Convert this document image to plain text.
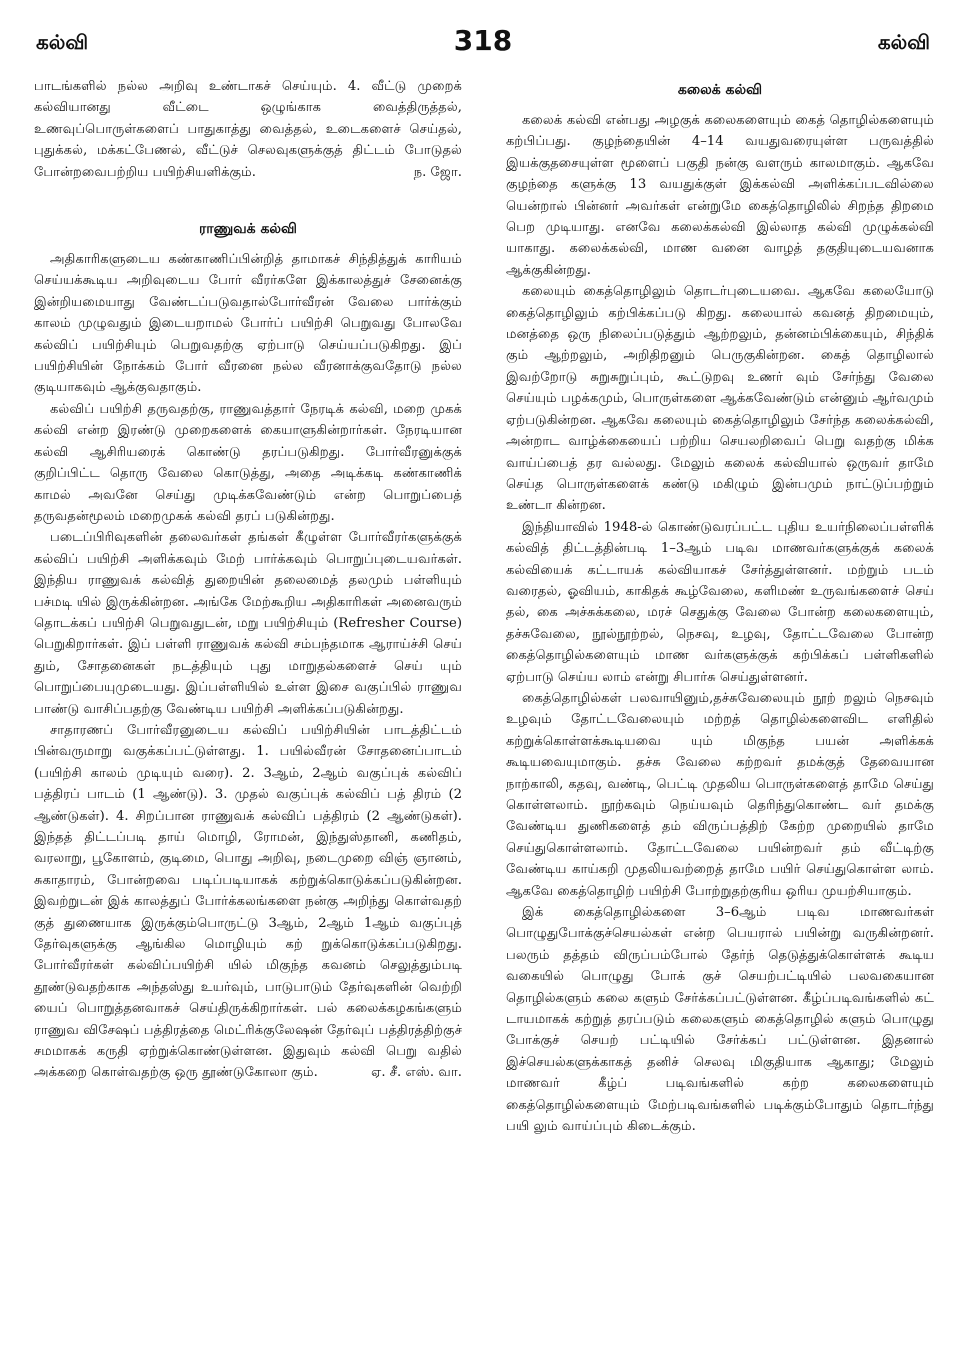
கல்வி	318	கல்வி

பாடங்களில் நல்ல அறிவு உண்டாகச் செய்யும். 4. வீட்டு முறைக் கல்வியானது வீட்டை ஒழுங்காக வைத்திருத்தல், உணவுப்பொருள்களைப் பாதுகாத்து வைத்தல், உடைகளைச் செய்தல், புதுக்கல், மக்கட்பேணல், வீட்டுச் செலவுகளுக்குத் திட்டம் போடுதல் போன்றவைபற்றிய பயிற்சியளிக்கும்.	ந. ஜோ.

ராணுவக் கல்வி

அதிகாரிகளுடைய கண்காணிப்பின்றித் தாமாகச் சிந்தித்துக் காரியம் செய்யக்கூடிய அறிவுடைய போர் வீரர்களே இக்காலத்துச் சேனைக்கு இன்றியமையாது வேண்டப்படுவதால்போர்வீரன் வேலை பார்க்கும் காலம் முழுவதும் இடையறாமல் போர்ப் பயிற்சி பெறுவது போலவே கல்விப் பயிற்சியும் பெறுவதற்கு ஏற்பாடு செய்யப்படுகிறது. இப் பயிற்சியின் நோக்கம் போர் வீரனை நல்ல வீரனாக்குவதோடு நல்ல குடியாகவும் ஆக்குவதாகும்.

கல்விப் பயிற்சி தருவதற்கு, ராணுவத்தார் நேரடிக் கல்வி, மறை முகக் கல்வி என்ற இரண்டு முறைகளைக் கையாளுகின்றார்கள். நேரடியான கல்வி ஆசிரியரைக் கொண்டு தரப்படுகிறது. போர்வீரனுக்குக் குறிப்பிட்ட தொரு வேலை கொடுத்து, அதை அடிக்கடி கண்காணிக் காமல் அவனே செய்து முடிக்கவேண்டும் என்ற பொறுப்பைத் தருவதன்மூலம் மறைமுகக் கல்வி தரப் படுகின்றது.

படைப்பிரிவுகளின் தலைவர்கள் தங்கள் கீழுள்ள போர்வீரர்களுக்குக் கல்விப் பயிற்சி அளிக்கவும் மேற் பார்க்கவும் பொறுப்புடையவர்கள். இந்திய ராணுவக் கல்வித் துறையின் தலைமைத் தலமும் பள்ளியும் பச்மடி யில் இருக்கின்றன. அங்கே மேற்கூறிய அதிகாரிகள் அனைவரும் தொடக்கப் பயிற்சி பெறுவதுடன், மறு பயிற்சியும் (Refresher Course) பெறுகிறார்கள். இப் பள்ளி ராணுவக் கல்வி சம்பந்தமாக ஆராய்ச்சி செய் தும், சோதனைகள் நடத்தியும் புது மாறுதல்களைச் செய் யும் பொறுப்பையுமுடையது. இப்பள்ளியில் உள்ள இசை வகுப்பில் ராணுவ பாண்டு வாசிப்பதற்கு வேண்டிய பயிற்சி அளிக்கப்படுகின்றது.

சாதாரணப் போர்வீரனுடைய கல்விப் பயிற்சியின் பாடத்திட்டம் பின்வருமாறு வகுக்கப்பட்டுள்ளது. 1. பயில்வீரன் சோதனைப்பாடம் (பயிற்சி காலம் முடியும் வரை). 2. 3ஆம், 2ஆம் வகுப்புக் கல்விப் பத்திரப் பாடம் (1 ஆண்டு). 3. முதல் வகுப்புக் கல்விப் பத் திரம் (2 ஆண்டுகள்). 4. சிறப்பான ராணுவக் கல்விப் பத்திரம் (2 ஆண்டுகள்). இந்தத் திட்டப்படி தாய் மொழி, ரோமன், இந்துஸ்தானி, கணிதம், வரலாறு, பூகோளம், குடிமை, பொது அறிவு, நடைமுறை விஞ் ஞானம், சுகாதாரம், போன்றவை படிப்படியாகக் கற்றுக்கொடுக்கப்படுகின்றன. இவற்றுடன் இக் காலத்துப் போர்க்கலங்களை நன்கு அறிந்து கொள்வதற் குத் துணையாக இருக்கும்பொருட்டு 3ஆம், 2ஆம் 1ஆம் வகுப்புத் தேர்வுகளுக்கு ஆங்கில மொழியும் கற் றுக்கொடுக்கப்படுகிறது. போர்வீரர்கள் கல்விப்பயிற்சி யில் மிகுந்த கவனம் செலுத்தும்படி தூண்டுவதற்காக அந்தஸ்து உயர்வும், பாடுபாடும் தேர்வுகளின் வெற்றி யைப் பொறுத்தனவாகச் செய்திருக்கிறார்கள். பல் கலைக்கழகங்களும் ராணுவ விசேஷப் பத்திரத்தை மெட்ரிக்குலேஷன் தேர்வுப் பத்திரத்திற்குச் சமமாகக் கருதி ஏற்றுக்கொண்டுள்ளன. இதுவும் கல்வி பெறு வதில் அக்கறை கொள்வதற்கு ஒரு தூண்டுகோலா கும்.	ஏ. சீ. எஸ். வா.

கலைக் கல்வி

கலைக் கல்வி என்பது அழகுக் கலைகளையும் கைத் தொழில்களையும் கற்பிப்பது. குழந்தையின் 4–14 வயதுவரையுள்ள பருவத்தில் இயக்குதசையுள்ள மூளைப் பகுதி நன்கு வளரும் காலமாகும். ஆகவே குழந்தை களுக்கு 13 வயதுக்குள் இக்கல்வி அளிக்கப்படவில்லை யென்றால் பின்னர் அவர்கள் என்றுமே கைத்தொழிலில் சிறந்த திறமை பெற முடியாது. எனவே கலைக்கல்வி இல்லாத கல்வி முழுக்கல்வி யாகாது. கலைக்கல்வி, மாண வனை வாழத் தகுதியுடையவனாக ஆக்குகின்றது.

கலையும் கைத்தொழிலும் தொடர்புடையவை. ஆகவே கலையோடு கைத்தொழிலும் கற்பிக்கப்படு கிறது. கலையால் கவனத் திறமையும், மனத்தை ஒரு நிலைப்படுத்தும் ஆற்றலும், தன்னம்பிக்கையும், சிந்திக் கும் ஆற்றலும், அறிதிறனும் பெருகுகின்றன. கைத் தொழிலால் இவற்றோடு சுறுசுறுப்பும், கூட்டுறவு உணர் வும் சேர்ந்து வேலை செய்யும் பழக்கமும், பொருள்களை ஆக்கவேண்டும் என்னும் ஆர்வமும் ஏற்படுகின்றன. ஆகவே கலையும் கைத்தொழிலும் சேர்ந்த கலைக்கல்வி, அன்றாட வாழ்க்கையைப் பற்றிய செயலறிவைப் பெறு வதற்கு மிக்க வாய்ப்பைத் தர வல்லது. மேலும் கலைக் கல்வியால் ஒருவர் தாமே செய்த பொருள்களைக் கண்டு மகிழும் இன்பமும் நாட்டுப்பற்றும் உண்டா கின்றன.

இந்தியாவில் 1948-ல் கொண்டுவரப்பட்ட புதிய உயர்நிலைப்பள்ளிக் கல்வித் திட்டத்தின்படி 1–3ஆம் படிவ மாணவர்களுக்குக் கலைக் கல்வியைக் கட்டாயக் கல்வியாகச் சேர்த்துள்ளனர். மற்றும் படம் வரைதல், ஓவியம், காகிதக் கூழ்வேலை, களிமண் உருவங்களைச் செய் தல், கை அச்சுக்கலை, மரச் செதுக்கு வேலை போன்ற கலைகளையும், தச்சுவேலை, நூல்நூற்றல், நெசவு, உழவு, தோட்டவேலை போன்ற கைத்தொழில்களையும் மாண வர்களுக்குக் கற்பிக்கப் பள்ளிகளில் ஏற்பாடு செய்ய லாம் என்று சிபார்சு செய்துள்ளனர்.

கைத்தொழில்கள் பலவாயினும்,தச்சுவேலையும் நூற் றலும் நெசவும் உழவும் தோட்டவேலையும் மற்றத் தொழில்களைவிட எளிதில் கற்றுக்கொள்ளக்கூடியவை யும் மிகுந்த பயன் அளிக்கக் கூடியவையுமாகும். தச்சு வேலை கற்றவர் தமக்குத் தேவையான நாற்காலி, கதவு, வண்டி, பெட்டி முதலிய பொருள்களைத் தாமே செய்து கொள்ளலாம். நூற்கவும் நெய்யவும் தெரிந்துகொண்ட வர் தமக்கு வேண்டிய துணிகளைத் தம் விருப்பத்திற் கேற்ற முறையில் தாமே செய்துகொள்ளலாம். தோட்டவேலை பயின்றவர் தம் வீட்டிற்கு வேண்டிய காய்கறி முதலியவற்றைத் தாமே பயிர் செய்துகொள்ள லாம். ஆகவே கைத்தொழிற் பயிற்சி போற்றுதற்குரிய ஒரிய முயற்சியாகும்.

இக் கைத்தொழில்களை 3–6ஆம் படிவ மாணவர்கள் பொழுதுபோக்குச்செயல்கள் என்ற பெயரால் பயின்று வருகின்றனர். பலரும் தத்தம் விருப்பம்போல் தேர்ந் தெடுத்துக்கொள்ளக் கூடிய வகையில் பொழுது போக் குச் செயற்பட்டியில் பலவகையான தொழில்களும் கலை களும் சேர்க்கப்பட்டுள்ளன. கீழ்ப்படிவங்களில் கட் டாயமாகக் கற்றுத் தரப்படும் கலைகளும் கைத்தொழில் களும் பொழுது போக்குச் செயற் பட்டியில் சேர்க்கப் பட்டுள்ளன. இதனால் இச்செயல்களுக்காகத் தனிச் செலவு மிகுதியாக ஆகாது; மேலும் மாணவர் கீழ்ப் படிவங்களில் கற்ற கலைகளையும் கைத்தொழில்களையும் மேற்படிவங்களில் படிக்கும்போதும் தொடர்ந்து பயி லும் வாய்ப்பும் கிடைக்கும்.
